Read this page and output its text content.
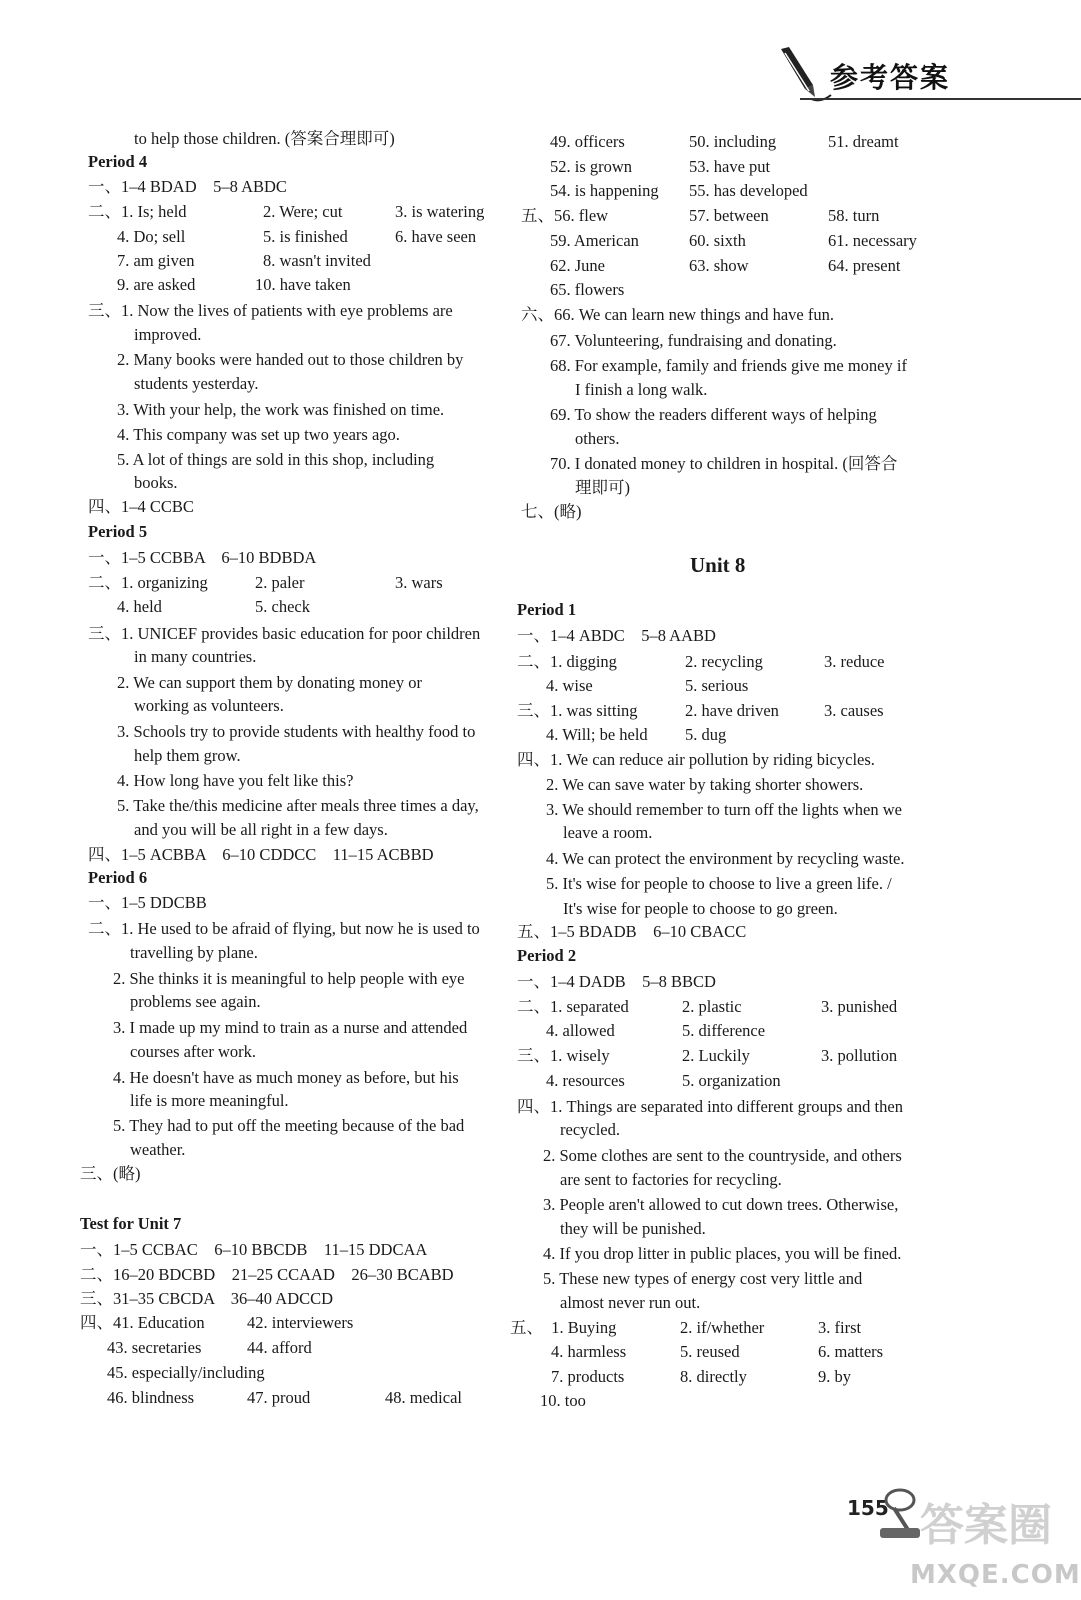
参考答案
to help those children. (答案合理即可)
Period 4
一、1–4 BDAD　5–8 ABDC
二、1. Is; held	2. Were; cut	3. is watering
4. Do; sell	5. is finished	6. have seen
7. am given	8. wasn't invited
9. are asked	10. have taken
三、1. Now the lives of patients with eye problems are
improved.
2. Many books were handed out to those children by
students yesterday.
3. With your help, the work was finished on time.
4. This company was set up two years ago.
5. A lot of things are sold in this shop, including
books.
四、1–4 CCBC
Period 5
一、1–5 CCBBA　6–10 BDBDA
二、1. organizing	2. paler	3. wars
4. held	5. check
三、1. UNICEF provides basic education for poor children
in many countries.
2. We can support them by donating money or
working as volunteers.
3. Schools try to provide students with healthy food to
help them grow.
4. How long have you felt like this?
5. Take the/this medicine after meals three times a day,
and you will be all right in a few days.
四、1–5 ACBBA　6–10 CDDCC　11–15 ACBBD
Period 6
一、1–5 DDCBB
二、1. He used to be afraid of flying, but now he is used to
travelling by plane.
2. She thinks it is meaningful to help people with eye
problems see again.
3. I made up my mind to train as a nurse and attended
courses after work.
4. He doesn't have as much money as before, but his
life is more meaningful.
5. They had to put off the meeting because of the bad
weather.
三、(略)
Test for Unit 7
一、1–5 CCBAC　6–10 BBCDB　11–15 DDCAA
二、16–20 BDCBD　21–25 CCAAD　26–30 BCABD
三、31–35 CBCDA　36–40 ADCCD
四、41. Education	42. interviewers
43. secretaries	44. afford
45. especially/including
46. blindness	47. proud	48. medical
49. officers	50. including	51. dreamt
52. is grown	53. have put
54. is happening 55. has developed
五、56. flew	57. between	58. turn
59. American	60. sixth	61. necessary
62. June	63. show	64. present
65. flowers
六、66. We can learn new things and have fun.
67. Volunteering, fundraising and donating.
68. For example, family and friends give me money if
I finish a long walk.
69. To show the readers different ways of helping
others.
70. I donated money to children in hospital. (回答合
理即可)
七、(略)
Unit 8
Period 1
一、1–4 ABDC　5–8 AABD
二、1. digging	2. recycling	3. reduce
4. wise	5. serious
三、1. was sitting	2. have driven	3. causes
4. Will; be held 5. dug
四、1. We can reduce air pollution by riding bicycles.
2. We can save water by taking shorter showers.
3. We should remember to turn off the lights when we
leave a room.
4. We can protect the environment by recycling waste.
5. It's wise for people to choose to live a green life. /
It's wise for people to choose to go green.
五、1–5 BDADB　6–10 CBACC
Period 2
一、1–4 DADB　5–8 BBCD
二、1. separated	2. plastic	3. punished
4. allowed	5. difference
三、1. wisely	2. Luckily	3. pollution
4. resources	5. organization
四、1. Things are separated into different groups and then
recycled.
2. Some clothes are sent to the countryside, and others
are sent to factories for recycling.
3. People aren't allowed to cut down trees. Otherwise,
they will be punished.
4. If you drop litter in public places, you will be fined.
5. These new types of energy cost very little and
almost never run out.
五、　1. Buying	2. if/whether	3. first
4. harmless	5. reused	6. matters
7. products	8. directly	9. by
10. too
155 答案圈
MXQE.COM
